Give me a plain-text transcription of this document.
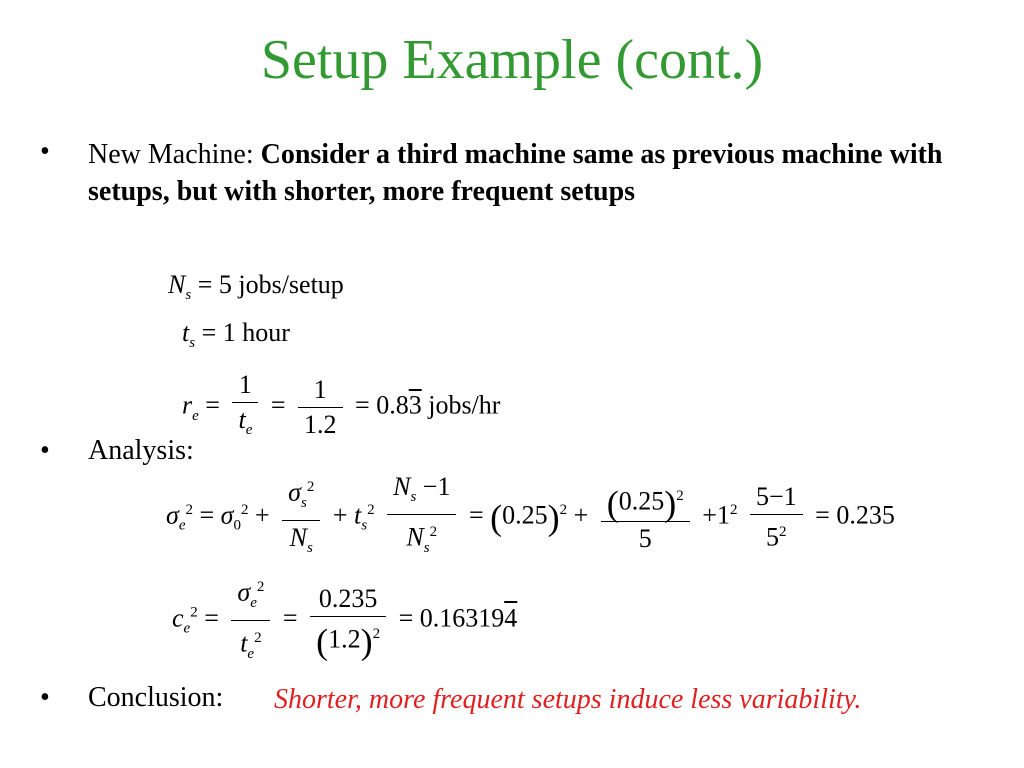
Setup Example (cont.)
• New Machine: Consider a third machine same as previous machine with setups, but with shorter, more frequent setups
$N_s = 5$ jobs/setup
$t_s = 1$ hour
$r_e = \frac{1}{t_e} = \frac{1}{1.2} = 0.83$ jobs/hr
• Analysis:
$\sigma_e^2 = \sigma_0^2 + \frac{\sigma_s^2}{N_s} + t_s^2 \frac{N_s -1}{N_s^2} = (0.25)^2 + \frac{(0.25)^2}{5} +1^2 \frac{5-1}{5^2} = 0.235$
$c_e^2 = \frac{\sigma_e^2}{t_e^2} = \frac{0.235}{(1.2)^2} = 0.163194$
• Conclusion: Shorter, more frequent setups induce less variability.
